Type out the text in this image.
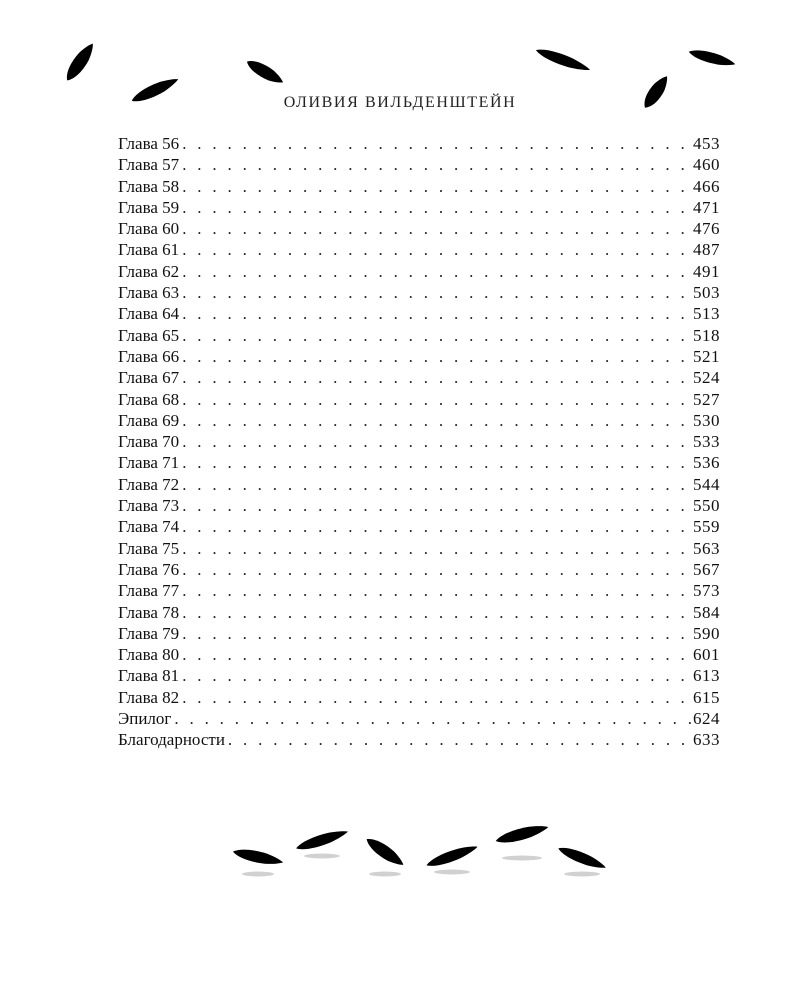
ОЛИВИЯ ВИЛЬДЕНШТЕЙН
Глава 56 . . .	453
Глава 57 . . .	460
Глава 58 . . .	466
Глава 59 . . .	471
Глава 60 . . .	476
Глава 61 . . .	487
Глава 62 . . .	491
Глава 63 . . .	503
Глава 64 . . .	513
Глава 65 . . .	518
Глава 66 . . .	521
Глава 67 . . .	524
Глава 68 . . .	527
Глава 69 . . .	530
Глава 70 . . .	533
Глава 71 . . .	536
Глава 72 . . .	544
Глава 73 . . .	550
Глава 74 . . .	559
Глава 75 . . .	563
Глава 76 . . .	567
Глава 77 . . .	573
Глава 78 . . .	584
Глава 79 . . .	590
Глава 80 . . .	601
Глава 81 . . .	613
Глава 82 . . .	615
Эпилог . . .	624
Благодарности . . .	633
